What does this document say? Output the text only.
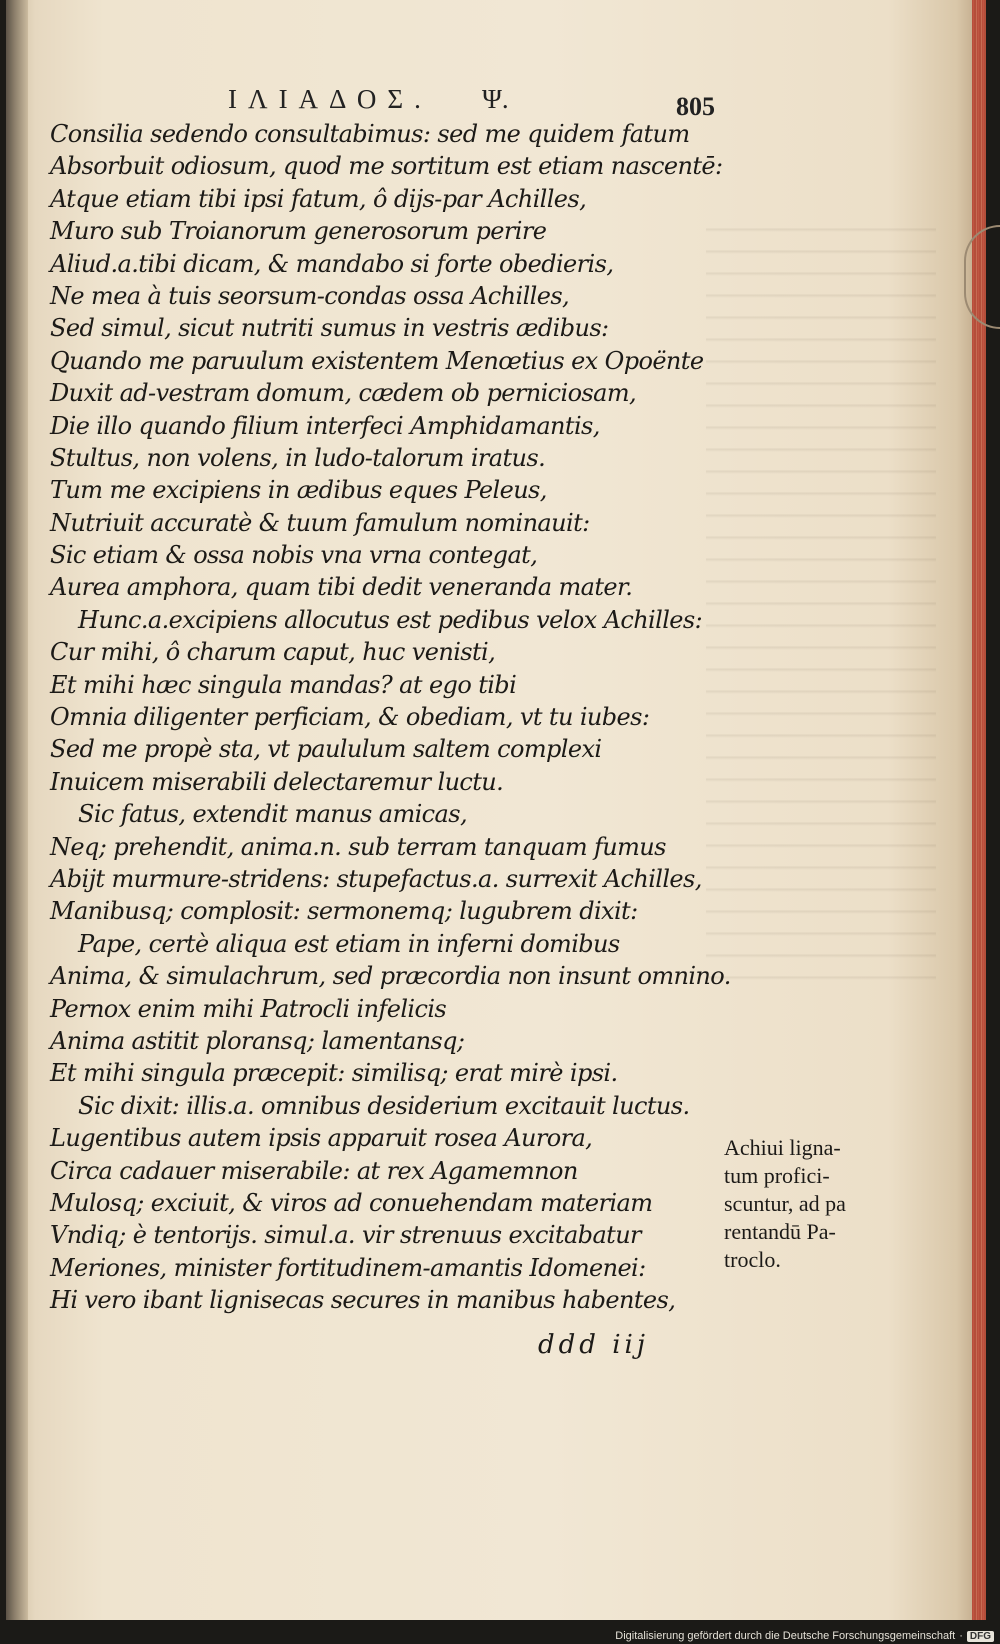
ΙΛΙΑΔΟΣ. Ψ.	805
Consilia sedendo consultabimus: sed me quidem fatum
Absorbuit odiosum, quod me sortitum est etiam nascentē:
Atque etiam tibi ipsi fatum, ô dijs-par Achilles,
Muro sub Troianorum generosorum perire
Aliud.a.tibi dicam, & mandabo si forte obedieris,
Ne mea à tuis seorsum-condas ossa Achilles,
Sed simul, sicut nutriti sumus in vestris ædibus:
Quando me paruulum existentem Menœtius ex Opoënte
Duxit ad-vestram domum, cædem ob perniciosam,
Die illo quando filium interfeci Amphidamantis,
Stultus, non volens, in ludo-talorum iratus.
Tum me excipiens in ædibus eques Peleus,
Nutriuit accuratè & tuum famulum nominauit:
Sic etiam & ossa nobis vna vrna contegat,
Aurea amphora, quam tibi dedit veneranda mater.
Hunc.a.excipiens allocutus est pedibus velox Achilles:
Cur mihi, ô charum caput, huc venisti,
Et mihi hæc singula mandas? at ego tibi
Omnia diligenter perficiam, & obediam, vt tu iubes:
Sed me propè sta, vt paululum saltem complexi
Inuicem miserabili delectaremur luctu.
Sic fatus, extendit manus amicas,
Neq; prehendit, anima.n. sub terram tanquam fumus
Abijt murmure-stridens: stupefactus.a. surrexit Achilles,
Manibusq; complosit: sermonemq; lugubrem dixit:
Pape, certè aliqua est etiam in inferni domibus
Anima, & simulachrum, sed præcordia non insunt omnino.
Pernox enim mihi Patrocli infelicis
Anima astitit ploransq; lamentansq;
Et mihi singula præcepit: similisq; erat mirè ipsi.
Sic dixit: illis.a. omnibus desiderium excitauit luctus.
Lugentibus autem ipsis apparuit rosea Aurora,
Circa cadauer miserabile: at rex Agamemnon
Mulosq; exciuit, & viros ad conuehendam materiam
Vndiq; è tentorijs. simul.a. vir strenuus excitabatur
Meriones, minister fortitudinem-amantis Idomenei:
Hi vero ibant lignisecas secures in manibus habentes,
ddd iij
Achiui ligna-
tum profici-
scuntur, ad pa
rentandū Pa-
troclo.
Digitalisierung gefördert durch die Deutsche Forschungsgemeinschaft · DFG
